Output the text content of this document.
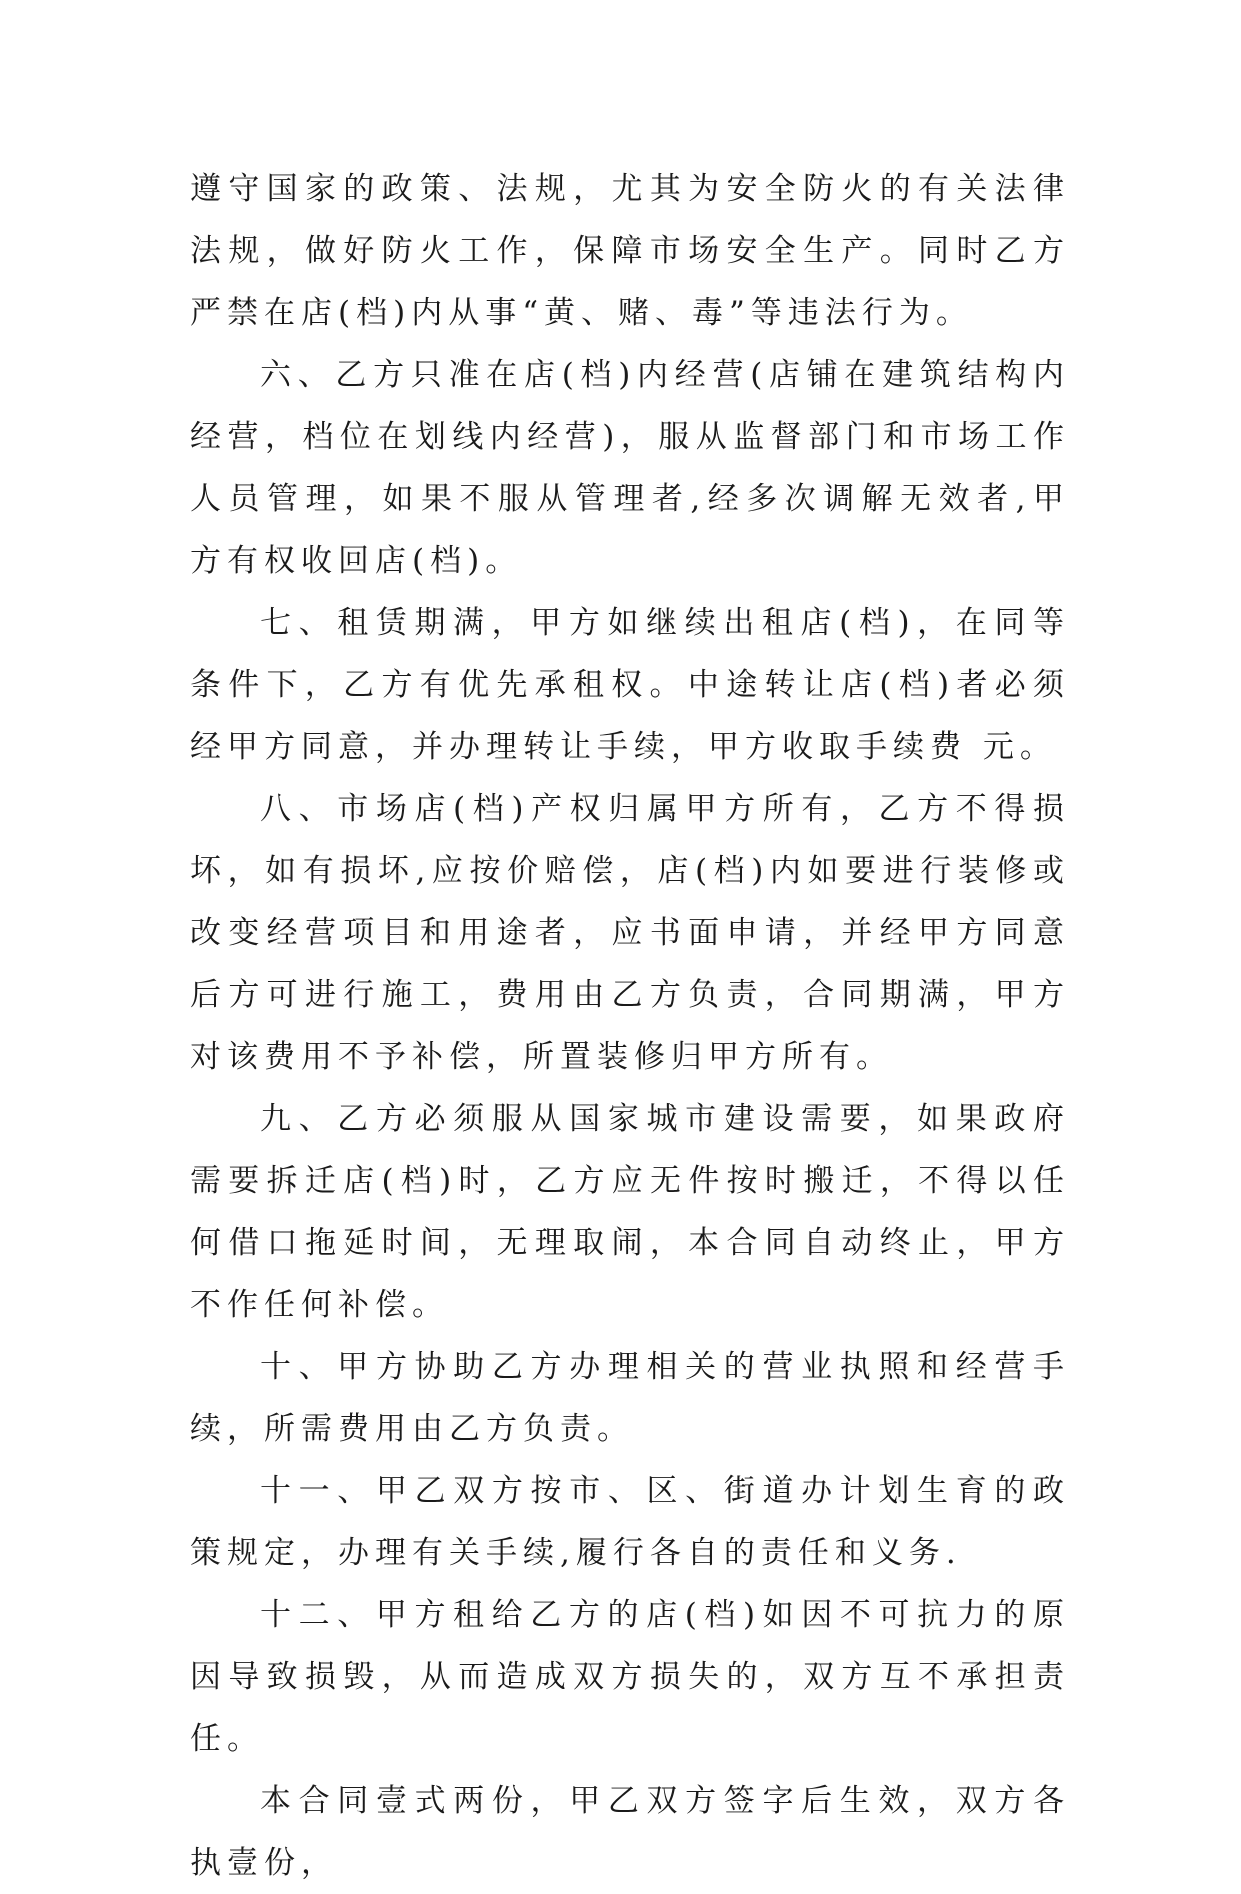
遵守国家的政策、法规，尤其为安全防火的有关法律法规，做好防火工作，保障市场安全生产。同时乙方严禁在店(档)内从事“黄、赌、毒”等违法行为。

六、乙方只准在店(档)内经营(店铺在建筑结构内经营，档位在划线内经营)，服从监督部门和市场工作人员管理，如果不服从管理者,经多次调解无效者,甲方有权收回店(档)。

七、租赁期满，甲方如继续出租店(档)，在同等条件下，乙方有优先承租权。中途转让店(档)者必须经甲方同意，并办理转让手续，甲方收取手续费 元。

八、市场店(档)产权归属甲方所有，乙方不得损坏，如有损坏,应按价赔偿，店(档)内如要进行装修或改变经营项目和用途者，应书面申请，并经甲方同意后方可进行施工，费用由乙方负责，合同期满，甲方对该费用不予补偿，所置装修归甲方所有。

九、乙方必须服从国家城市建设需要，如果政府需要拆迁店(档)时，乙方应无件按时搬迁，不得以任何借口拖延时间，无理取闹，本合同自动终止，甲方不作任何补偿。

十、甲方协助乙方办理相关的营业执照和经营手续，所需费用由乙方负责。

十一、甲乙双方按市、区、街道办计划生育的政策规定，办理有关手续,履行各自的责任和义务.

十二、甲方租给乙方的店(档)如因不可抗力的原因导致损毁，从而造成双方损失的，双方互不承担责任。

本合同壹式两份，甲乙双方签字后生效，双方各执壹份，
